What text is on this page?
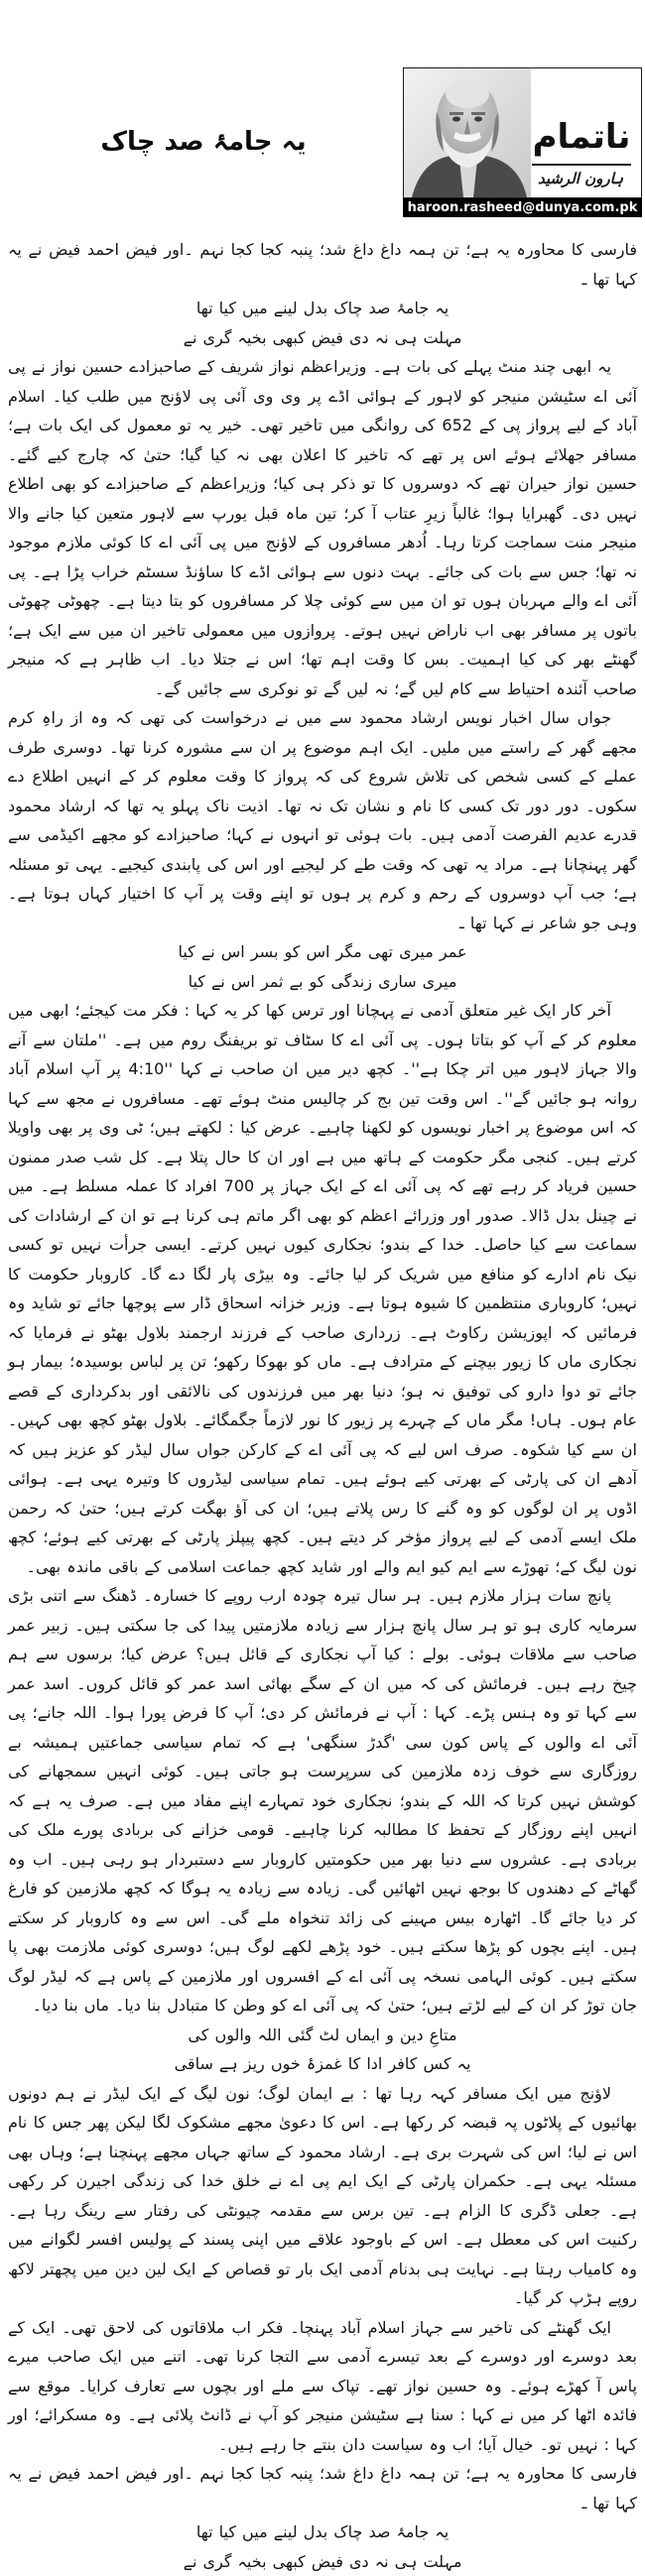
یہ جامۂ صد چاک	ناتمام
ہارون الرشید
haroon.rasheed@dunya.com.pk

فارسی کا محاورہ یہ ہے؛ تن ہمہ داغ داغ شد؛ پنبہ کجا کجا نہم ۔اور فیض احمد فیض نے یہ کہا تھا ـ

یہ جامۂ صد چاک بدل لینے میں کیا تھا

مہلت ہی نہ دی فیض کبھی بخیہ گری نے

یہ ابھی چند منٹ پہلے کی بات ہے۔ وزیراعظم نواز شریف کے صاحبزادے حسین نواز نے پی آئی اے سٹیشن منیجر کو لاہور کے ہوائی اڈے پر وی وی آئی پی لاؤنج میں طلب کیا۔ اسلام آباد کے لیے پرواز پی کے 652 کی روانگی میں تاخیر تھی۔ خیر یہ تو معمول کی ایک بات ہے؛ مسافر جھلائے ہوئے اس پر تھے کہ تاخیر کا اعلان بھی نہ کیا گیا؛ حتیٰ کہ چارج کیے گئے۔ حسین نواز حیران تھے کہ دوسروں کا تو ذکر ہی کیا؛ وزیراعظم کے صاحبزادے کو بھی اطلاع نہیں دی۔ گھبرایا ہوا؛ غالباً زیرِ عتاب آ کر؛ تین ماہ قبل یورپ سے لاہور متعین کیا جانے والا منیجر منت سماجت کرتا رہا۔ اُدھر مسافروں کے لاؤنج میں پی آئی اے کا کوئی ملازم موجود نہ تھا؛ جس سے بات کی جائے۔ بہت دنوں سے ہوائی اڈے کا ساؤنڈ سسٹم خراب پڑا ہے۔ پی آئی اے والے مہربان ہوں تو ان میں سے کوئی چلا کر مسافروں کو بتا دیتا ہے۔ چھوٹی چھوٹی باتوں پر مسافر بھی اب ناراض نہیں ہوتے۔ پروازوں میں معمولی تاخیر ان میں سے ایک ہے؛ گھنٹے بھر کی کیا اہمیت۔ بس کا وقت اہم تھا؛ اس نے جتلا دیا۔ اب ظاہر ہے کہ منیجر صاحب آئندہ احتیاط سے کام لیں گے؛ نہ لیں گے تو نوکری سے جائیں گے۔

جواں سال اخبار نویس ارشاد محمود سے میں نے درخواست کی تھی کہ وہ از راہِ کرم مجھے گھر کے راستے میں ملیں۔ ایک اہم موضوع پر ان سے مشورہ کرنا تھا۔ دوسری طرف عملے کے کسی شخص کی تلاش شروع کی کہ پرواز کا وقت معلوم کر کے انہیں اطلاع دے سکوں۔ دور دور تک کسی کا نام و نشان تک نہ تھا۔ اذیت ناک پہلو یہ تھا کہ ارشاد محمود قدرے عدیم الفرصت آدمی ہیں۔ بات ہوئی تو انہوں نے کہا؛ صاحبزادے کو مجھے اکیڈمی سے گھر پہنچانا ہے۔ مراد یہ تھی کہ وقت طے کر لیجیے اور اس کی پابندی کیجیے۔ یہی تو مسئلہ ہے؛ جب آپ دوسروں کے رحم و کرم پر ہوں تو اپنے وقت پر آپ کا اختیار کہاں ہوتا ہے۔ وہی جو شاعر نے کہا تھا ـ

عمر میری تھی مگر اس کو بسر اس نے کیا

میری ساری زندگی کو بے ثمر اس نے کیا

آخر کار ایک غیر متعلق آدمی نے پہچانا اور ترس کھا کر یہ کہا : فکر مت کیجئے؛ ابھی میں معلوم کر کے آپ کو بتاتا ہوں۔ پی آئی اے کا سٹاف تو بریفنگ روم میں ہے۔ ''ملتان سے آنے والا جہاز لاہور میں اتر چکا ہے''۔ کچھ دیر میں ان صاحب نے کہا ''4:10 پر آپ اسلام آباد روانہ ہو جائیں گے''۔ اس وقت تین بج کر چالیس منٹ ہوئے تھے۔ مسافروں نے مجھ سے کہا کہ اس موضوع پر اخبار نویسوں کو لکھنا چاہیے۔ عرض کیا : لکھتے ہیں؛ ٹی وی پر بھی واویلا کرتے ہیں۔ کنجی مگر حکومت کے ہاتھ میں ہے اور ان کا حال پتلا ہے۔ کل شب صدر ممنون حسین فریاد کر رہے تھے کہ پی آئی اے کے ایک جہاز پر 700 افراد کا عملہ مسلط ہے۔ میں نے چینل بدل ڈالا۔ صدور اور وزرائے اعظم کو بھی اگر ماتم ہی کرنا ہے تو ان کے ارشادات کی سماعت سے کیا حاصل۔ خدا کے بندو؛ نجکاری کیوں نہیں کرتے۔ ایسی جرأت نہیں تو کسی نیک نام ادارے کو منافع میں شریک کر لیا جائے۔ وہ بیڑی پار لگا دے گا۔ کاروبار حکومت کا نہیں؛ کاروباری منتظمین کا شیوہ ہوتا ہے۔ وزیر خزانہ اسحاق ڈار سے پوچھا جائے تو شاید وہ فرمائیں کہ اپوزیشن رکاوٹ ہے۔ زرداری صاحب کے فرزند ارجمند بلاول بھٹو نے فرمایا کہ نجکاری ماں کا زیور بیچنے کے مترادف ہے۔ ماں کو بھوکا رکھو؛ تن پر لباس بوسیدہ؛ بیمار ہو جائے تو دوا دارو کی توفیق نہ ہو؛ دنیا بھر میں فرزندوں کی نالائقی اور بدکرداری کے قصے عام ہوں۔ ہاں! مگر ماں کے چہرے پر زیور کا نور لازماً جگمگائے۔ بلاول بھٹو کچھ بھی کہیں۔ ان سے کیا شکوہ۔ صرف اس لیے کہ پی آئی اے کے کارکن جواں سال لیڈر کو عزیز ہیں کہ آدھے ان کی پارٹی کے بھرتی کیے ہوئے ہیں۔ تمام سیاسی لیڈروں کا وتیرہ یہی ہے۔ ہوائی اڈوں پر ان لوگوں کو وہ گنے کا رس پلاتے ہیں؛ ان کی آؤ بھگت کرتے ہیں؛ حتیٰ کہ رحمن ملک ایسے آدمی کے لیے پرواز مؤخر کر دیتے ہیں۔ کچھ پیپلز پارٹی کے بھرتی کیے ہوئے؛ کچھ نون لیگ کے؛ تھوڑے سے ایم کیو ایم والے اور شاید کچھ جماعت اسلامی کے باقی ماندہ بھی۔

پانچ سات ہزار ملازم ہیں۔ ہر سال تیرہ چودہ ارب روپے کا خسارہ۔ ڈھنگ سے اتنی بڑی سرمایہ کاری ہو تو ہر سال پانچ ہزار سے زیادہ ملازمتیں پیدا کی جا سکتی ہیں۔ زبیر عمر صاحب سے ملاقات ہوئی۔ بولے : کیا آپ نجکاری کے قائل ہیں؟ عرض کیا؛ برسوں سے ہم چیخ رہے ہیں۔ فرمائش کی کہ میں ان کے سگے بھائی اسد عمر کو قائل کروں۔ اسد عمر سے کہا تو وہ ہنس پڑے۔ کہا : آپ نے فرمائش کر دی؛ آپ کا فرض پورا ہوا۔ اللہ جانے؛ پی آئی اے والوں کے پاس کون سی 'گدڑ سنگھی' ہے کہ تمام سیاسی جماعتیں ہمیشہ بے روزگاری سے خوف زدہ ملازمین کی سرپرست ہو جاتی ہیں۔ کوئی انہیں سمجھانے کی کوشش نہیں کرتا کہ اللہ کے بندو؛ نجکاری خود تمہارے اپنے مفاد میں ہے۔ صرف یہ ہے کہ انہیں اپنے روزگار کے تحفظ کا مطالبہ کرنا چاہیے۔ قومی خزانے کی بربادی پورے ملک کی بربادی ہے۔ عشروں سے دنیا بھر میں حکومتیں کاروبار سے دستبردار ہو رہی ہیں۔ اب وہ گھاٹے کے دھندوں کا بوجھ نہیں اٹھائیں گی۔ زیادہ سے زیادہ یہ ہوگا کہ کچھ ملازمین کو فارغ کر دیا جائے گا۔ اٹھارہ بیس مہینے کی زائد تنخواہ ملے گی۔ اس سے وہ کاروبار کر سکتے ہیں۔ اپنے بچوں کو پڑھا سکتے ہیں۔ خود پڑھے لکھے لوگ ہیں؛ دوسری کوئی ملازمت بھی پا سکتے ہیں۔ کوئی الہامی نسخہ پی آئی اے کے افسروں اور ملازمین کے پاس ہے کہ لیڈر لوگ جان توڑ کر ان کے لیے لڑتے ہیں؛ حتیٰ کہ پی آئی اے کو وطن کا متبادل بنا دیا۔ ماں بنا دیا۔

متاعِ دین و ایماں لٹ گئی اللہ والوں کی

یہ کس کافر ادا کا غمزۂ خوں ریز ہے ساقی

لاؤنج میں ایک مسافر کہہ رہا تھا : بے ایمان لوگ؛ نون لیگ کے ایک لیڈر نے ہم دونوں بھائیوں کے پلاٹوں پہ قبضہ کر رکھا ہے۔ اس کا دعویٰ مجھے مشکوک لگا لیکن پھر جس کا نام اس نے لیا؛ اس کی شہرت بری ہے۔ ارشاد محمود کے ساتھ جہاں مجھے پہنچنا ہے؛ وہاں بھی مسئلہ یہی ہے۔ حکمران پارٹی کے ایک ایم پی اے نے خلق خدا کی زندگی اجیرن کر رکھی ہے۔ جعلی ڈگری کا الزام ہے۔ تین برس سے مقدمہ چیونٹی کی رفتار سے رینگ رہا ہے۔ رکنیت اس کی معطل ہے۔ اس کے باوجود علاقے میں اپنی پسند کے پولیس افسر لگوانے میں وہ کامیاب رہتا ہے۔ نہایت ہی بدنام آدمی ایک بار تو قصاص کے ایک لین دین میں پچھتر لاکھ روپے ہڑپ کر گیا۔

ایک گھنٹے کی تاخیر سے جہاز اسلام آباد پہنچا۔ فکر اب ملاقاتوں کی لاحق تھی۔ ایک کے بعد دوسرے اور دوسرے کے بعد تیسرے آدمی سے التجا کرنا تھی۔ اتنے میں ایک صاحب میرے پاس آ کھڑے ہوئے۔ وہ حسین نواز تھے۔ تپاک سے ملے اور بچوں سے تعارف کرایا۔ موقع سے فائدہ اٹھا کر میں نے کہا : سنا ہے سٹیشن منیجر کو آپ نے ڈانٹ پلائی ہے۔ وہ مسکرائے؛ اور کہا : نہیں تو۔ خیال آیا؛ اب وہ سیاست دان بنتے جا رہے ہیں۔

فارسی کا محاورہ یہ ہے؛ تن ہمہ داغ داغ شد؛ پنبہ کجا کجا نہم ۔اور فیض احمد فیض نے یہ کہا تھا ـ

یہ جامۂ صد چاک بدل لینے میں کیا تھا

مہلت ہی نہ دی فیض کبھی بخیہ گری نے
